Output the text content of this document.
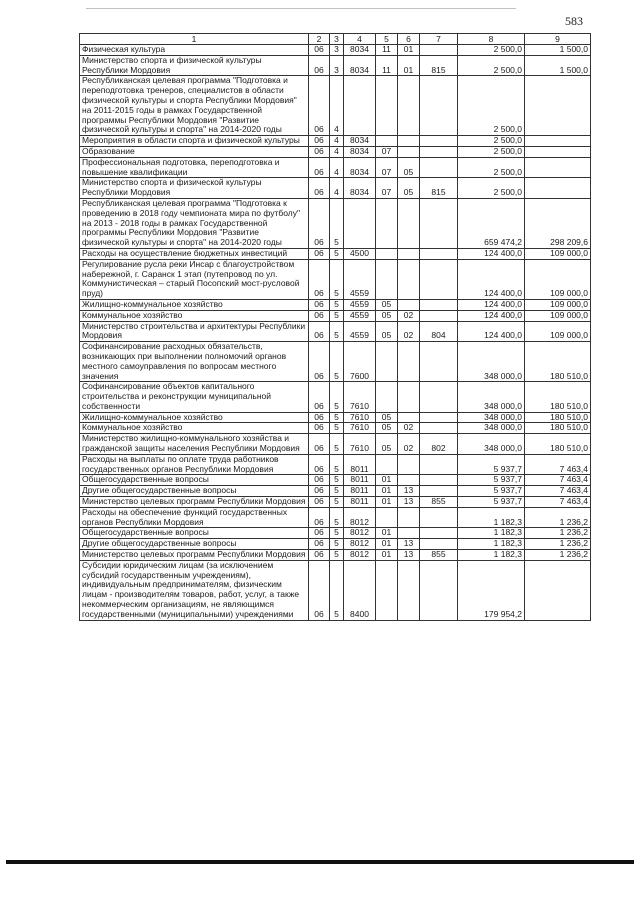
583
1	2	3	4	5	6	7	8	9
Физическая культура	06	3	8034	11	01		2 500,0	1 500,0
Министерство спорта и физической культуры Республики Мордовия	06	3	8034	11	01	815	2 500,0	1 500,0
Республиканская целевая программа "Подготовка и переподготовка тренеров, специалистов в области физической культуры и спорта Республики Мордовия" на 2011-2015 годы в рамках Государственной программы Республики Мордовия "Развитие физической культуры и спорта" на 2014-2020 годы	06	4					2 500,0	
Мероприятия в области спорта и физической культуры	06	4	8034				2 500,0	
Образование	06	4	8034	07			2 500,0	
Профессиональная подготовка, переподготовка и повышение квалификации	06	4	8034	07	05		2 500,0	
Министерство спорта и физической культуры Республики Мордовия	06	4	8034	07	05	815	2 500,0	
Республиканская целевая программа "Подготовка к проведению в 2018 году чемпионата мира по футболу" на 2013 - 2018 годы в рамках Государственной программы Республики Мордовия "Развитие физической культуры и спорта" на 2014-2020 годы	06	5					659 474,2	298 209,6
Расходы на осуществление бюджетных инвестиций	06	5	4500				124 400,0	109 000,0
Регулирование русла реки Инсар с благоустройством набережной, г. Саранск 1 этап (путепровод по ул. Коммунистическая – старый Посопский мост-русловой пруд)	06	5	4559				124 400,0	109 000,0
Жилищно-коммунальное хозяйство	06	5	4559	05			124 400,0	109 000,0
Коммунальное хозяйство	06	5	4559	05	02		124 400,0	109 000,0
Министерство строительства и архитектуры Республики Мордовия	06	5	4559	05	02	804	124 400,0	109 000,0
Софинансирование расходных обязательств, возникающих при выполнении полномочий органов местного самоуправления по вопросам местного значения	06	5	7600				348 000,0	180 510,0
Софинансирование объектов капитального строительства и реконструкции муниципальной собственности	06	5	7610				348 000,0	180 510,0
Жилищно-коммунальное хозяйство	06	5	7610	05			348 000,0	180 510,0
Коммунальное хозяйство	06	5	7610	05	02		348 000,0	180 510,0
Министерство жилищно-коммунального хозяйства и гражданской защиты населения Республики Мордовия	06	5	7610	05	02	802	348 000,0	180 510,0
Расходы на выплаты по оплате труда работников государственных органов Республики Мордовия	06	5	8011				5 937,7	7 463,4
Общегосударственные вопросы	06	5	8011	01			5 937,7	7 463,4
Другие общегосударственные вопросы	06	5	8011	01	13		5 937,7	7 463,4
Министерство целевых программ Республики Мордовия	06	5	8011	01	13	855	5 937,7	7 463,4
Расходы на обеспечение функций государственных органов Республики Мордовия	06	5	8012				1 182,3	1 236,2
Общегосударственные вопросы	06	5	8012	01			1 182,3	1 236,2
Другие общегосударственные вопросы	06	5	8012	01	13		1 182,3	1 236,2
Министерство целевых программ Республики Мордовия	06	5	8012	01	13	855	1 182,3	1 236,2
Субсидии юридическим лицам (за исключением субсидий государственным учреждениям), индивидуальным предпринимателям, физическим лицам - производителям товаров, работ, услуг, а также некоммерческим организациям, не являющимся государственными (муниципальными) учреждениями	06	5	8400				179 954,2	
